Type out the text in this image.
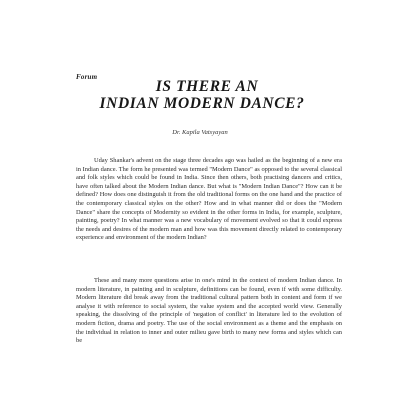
Forum
IS THERE AN
INDIAN MODERN DANCE?
Dr. Kapila Vatsyayan

Uday Shankar's advent on the stage three decades ago was hailed as the beginning of a new era in Indian dance. The form he presented was termed "Modern Dance" as opposed to the several classical and folk styles which could be found in India. Since then others, both practising dancers and critics, have often talked about the Modern Indian dance. But what is "Modern Indian Dance"? How can it be defined? How does one distinguish it from the old traditional forms on the one hand and the practice of the contemporary classical styles on the other? How and in what manner did or does the "Modern Dance" share the concepts of Modernity so evident in the other forms in India, for example, sculpture, painting, poetry? In what manner was a new vocabulary of movement evolved so that it could express the needs and desires of the modern man and how was this movement directly related to contemporary experience and environment of the modern Indian?

These and many more questions arise in one's mind in the context of modern Indian dance. In modern literature, in painting and in sculpture, definitions can be found, even if with some difficulty. Modern literature did break away from the traditional cultural pattern both in content and form if we analyse it with reference to social system, the value system and the accepted world view. Generally speaking, the dissolving of the principle of 'negation of conflict' in literature led to the evolution of modern fiction, drama and poetry. The use of the social environment as a theme and the emphasis on the individual in relation to inner and outer milieu gave birth to many new forms and styles which can be
